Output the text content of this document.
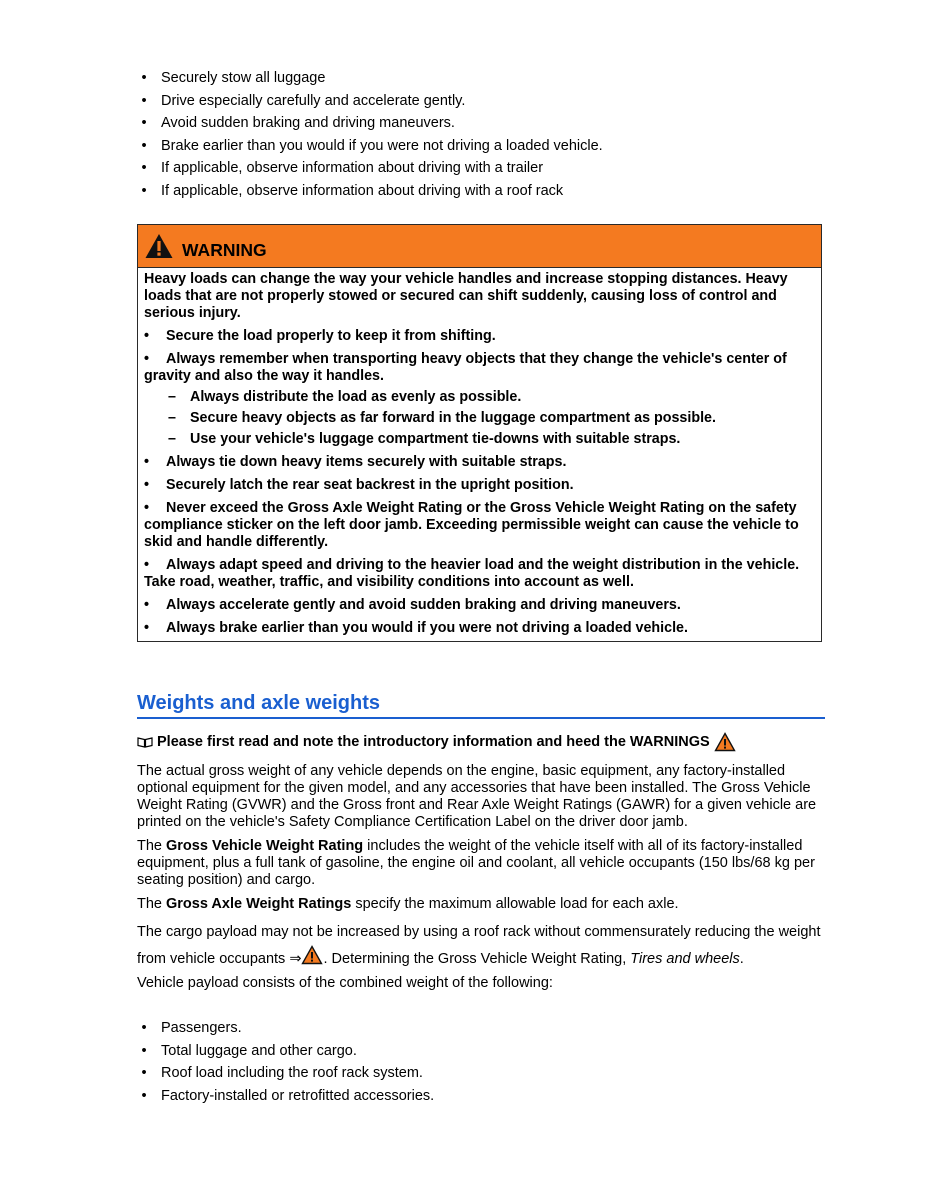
• Securely stow all luggage
• Drive especially carefully and accelerate gently.
• Avoid sudden braking and driving maneuvers.
• Brake earlier than you would if you were not driving a loaded vehicle.
• If applicable, observe information about driving with a trailer
• If applicable, observe information about driving with a roof rack
WARNING

Heavy loads can change the way your vehicle handles and increase stopping distances. Heavy loads that are not properly stowed or secured can shift suddenly, causing loss of control and serious injury.

• Secure the load properly to keep it from shifting.
• Always remember when transporting heavy objects that they change the vehicle's center of gravity and also the way it handles.
– Always distribute the load as evenly as possible.
– Secure heavy objects as far forward in the luggage compartment as possible.
– Use your vehicle's luggage compartment tie-downs with suitable straps.
• Always tie down heavy items securely with suitable straps.
• Securely latch the rear seat backrest in the upright position.
• Never exceed the Gross Axle Weight Rating or the Gross Vehicle Weight Rating on the safety compliance sticker on the left door jamb. Exceeding permissible weight can cause the vehicle to skid and handle differently.
• Always adapt speed and driving to the heavier load and the weight distribution in the vehicle. Take road, weather, traffic, and visibility conditions into account as well.
• Always accelerate gently and avoid sudden braking and driving maneuvers.
• Always brake earlier than you would if you were not driving a loaded vehicle.
Weights and axle weights
Please first read and note the introductory information and heed the WARNINGS

The actual gross weight of any vehicle depends on the engine, basic equipment, any factory-installed optional equipment for the given model, and any accessories that have been installed. The Gross Vehicle Weight Rating (GVWR) and the Gross front and Rear Axle Weight Ratings (GAWR) for a given vehicle are printed on the vehicle's Safety Compliance Certification Label on the driver door jamb.

The Gross Vehicle Weight Rating includes the weight of the vehicle itself with all of its factory-installed equipment, plus a full tank of gasoline, the engine oil and coolant, all vehicle occupants (150 lbs/68 kg per seating position) and cargo.

The Gross Axle Weight Ratings specify the maximum allowable load for each axle.

The cargo payload may not be increased by using a roof rack without commensurately reducing the weight from vehicle occupants ⇒ . Determining the Gross Vehicle Weight Rating, Tires and wheels.

Vehicle payload consists of the combined weight of the following:

• Passengers.
• Total luggage and other cargo.
• Roof load including the roof rack system.
• Factory-installed or retrofitted accessories.
